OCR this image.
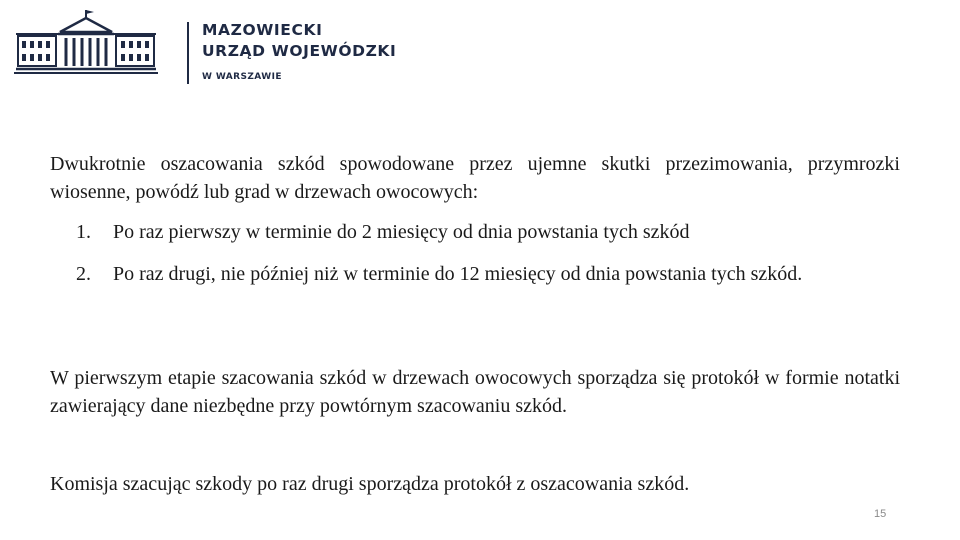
MAZOWIECKI
URZĄD WOJEWÓDZKI
W WARSZAWIE
Dwukrotnie oszacowania szkód spowodowane przez ujemne skutki przezimowania, przymrozki wiosenne, powódź lub grad w drzewach owocowych:
1. Po raz pierwszy w terminie do 2 miesięcy od dnia powstania tych szkód
2. Po raz drugi, nie później niż w terminie do 12 miesięcy od dnia powstania tych szkód.
W pierwszym etapie szacowania szkód w drzewach owocowych sporządza się protokół w formie notatki zawierający dane niezbędne przy powtórnym szacowaniu szkód.
Komisja szacując szkody po raz drugi sporządza protokół z oszacowania szkód.
15
